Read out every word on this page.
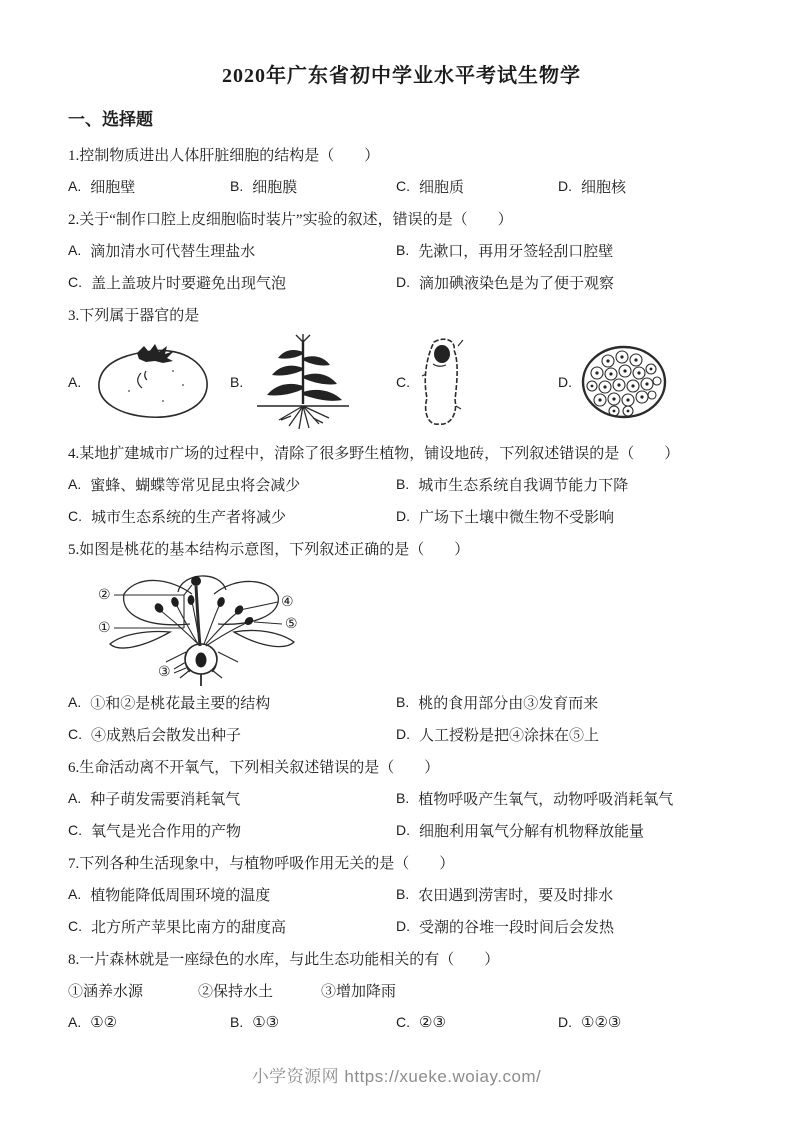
2020年广东省初中学业水平考试生物学
一、选择题
1.控制物质进出人体肝脏细胞的结构是（　　）
A. 细胞壁	B. 细胞膜	C. 细胞质	D. 细胞核
2.关于“制作口腔上皮细胞临时装片”实验的叙述，错误的是（　　）
A. 滴加清水可代替生理盐水	B. 先漱口，再用牙签轻刮口腔壁
C. 盖上盖玻片时要避免出现气泡	D. 滴加碘液染色是为了便于观察
3.下列属于器官的是
A.	B.	C.	D.
4.某地扩建城市广场的过程中，清除了很多野生植物，铺设地砖，下列叙述错误的是（　　）
A. 蜜蜂、蝴蝶等常见昆虫将会减少	B. 城市生态系统自我调节能力下降
C. 城市生态系统的生产者将减少	D. 广场下土壤中微生物不受影响
5.如图是桃花的基本结构示意图，下列叙述正确的是（　　）
②
①
③
④
⑤
A. ①和②是桃花最主要的结构	B. 桃的食用部分由③发育而来
C. ④成熟后会散发出种子	D. 人工授粉是把④涂抹在⑤上
6.生命活动离不开氧气，下列相关叙述错误的是（　　）
A. 种子萌发需要消耗氧气	B. 植物呼吸产生氧气，动物呼吸消耗氧气
C. 氧气是光合作用的产物	D. 细胞利用氧气分解有机物释放能量
7.下列各种生活现象中，与植物呼吸作用无关的是（　　）
A. 植物能降低周围环境的温度	B. 农田遇到涝害时，要及时排水
C. 北方所产苹果比南方的甜度高	D. 受潮的谷堆一段时间后会发热
8.一片森林就是一座绿色的水库，与此生态功能相关的有（　　）
①涵养水源	②保持水土	③增加降雨
A. ①②	B. ①③	C. ②③	D. ①②③
小学资源网 https://xueke.woiay.com/
